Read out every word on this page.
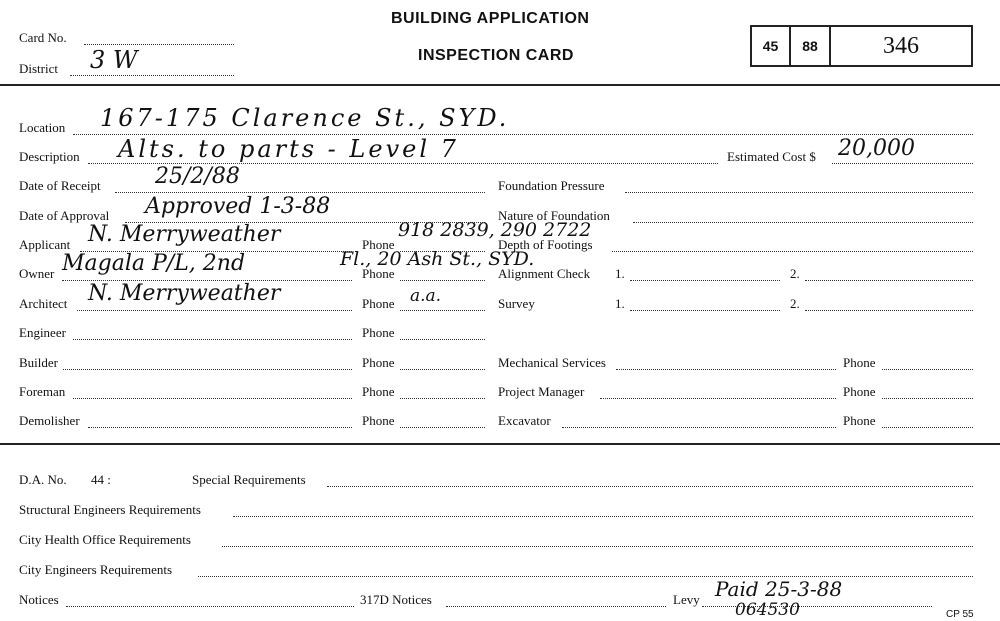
Card No.
District 3 W
BUILDING APPLICATION
INSPECTION CARD
45	88	346
Location 167-175 Clarence St., SYD.
Description Alts. to parts - Level 7	Estimated Cost $ 20,000
Date of Receipt 25/2/88
Date of Approval Approved 1-3-88
Applicant N. Merryweather	Phone
918 2839, 290 2722
Owner Magala P/L, 2nd	Phone
Fl., 20 Ash St., SYD.
Architect N. Merryweather	Phone a.a.
Engineer	Phone
Builder	Phone
Foreman	Phone
Demolisher	Phone
Foundation Pressure
Nature of Foundation
Depth of Footings
Alignment Check 1.	2.
Survey	1.	2.
Mechanical Services	Phone
Project Manager	Phone
Excavator	Phone
D.A. No. 44 :	Special Requirements
Structural Engineers Requirements
City Health Office Requirements
City Engineers Requirements
Notices	317D Notices	Levy Paid 25-3-88
064530	CP 55
